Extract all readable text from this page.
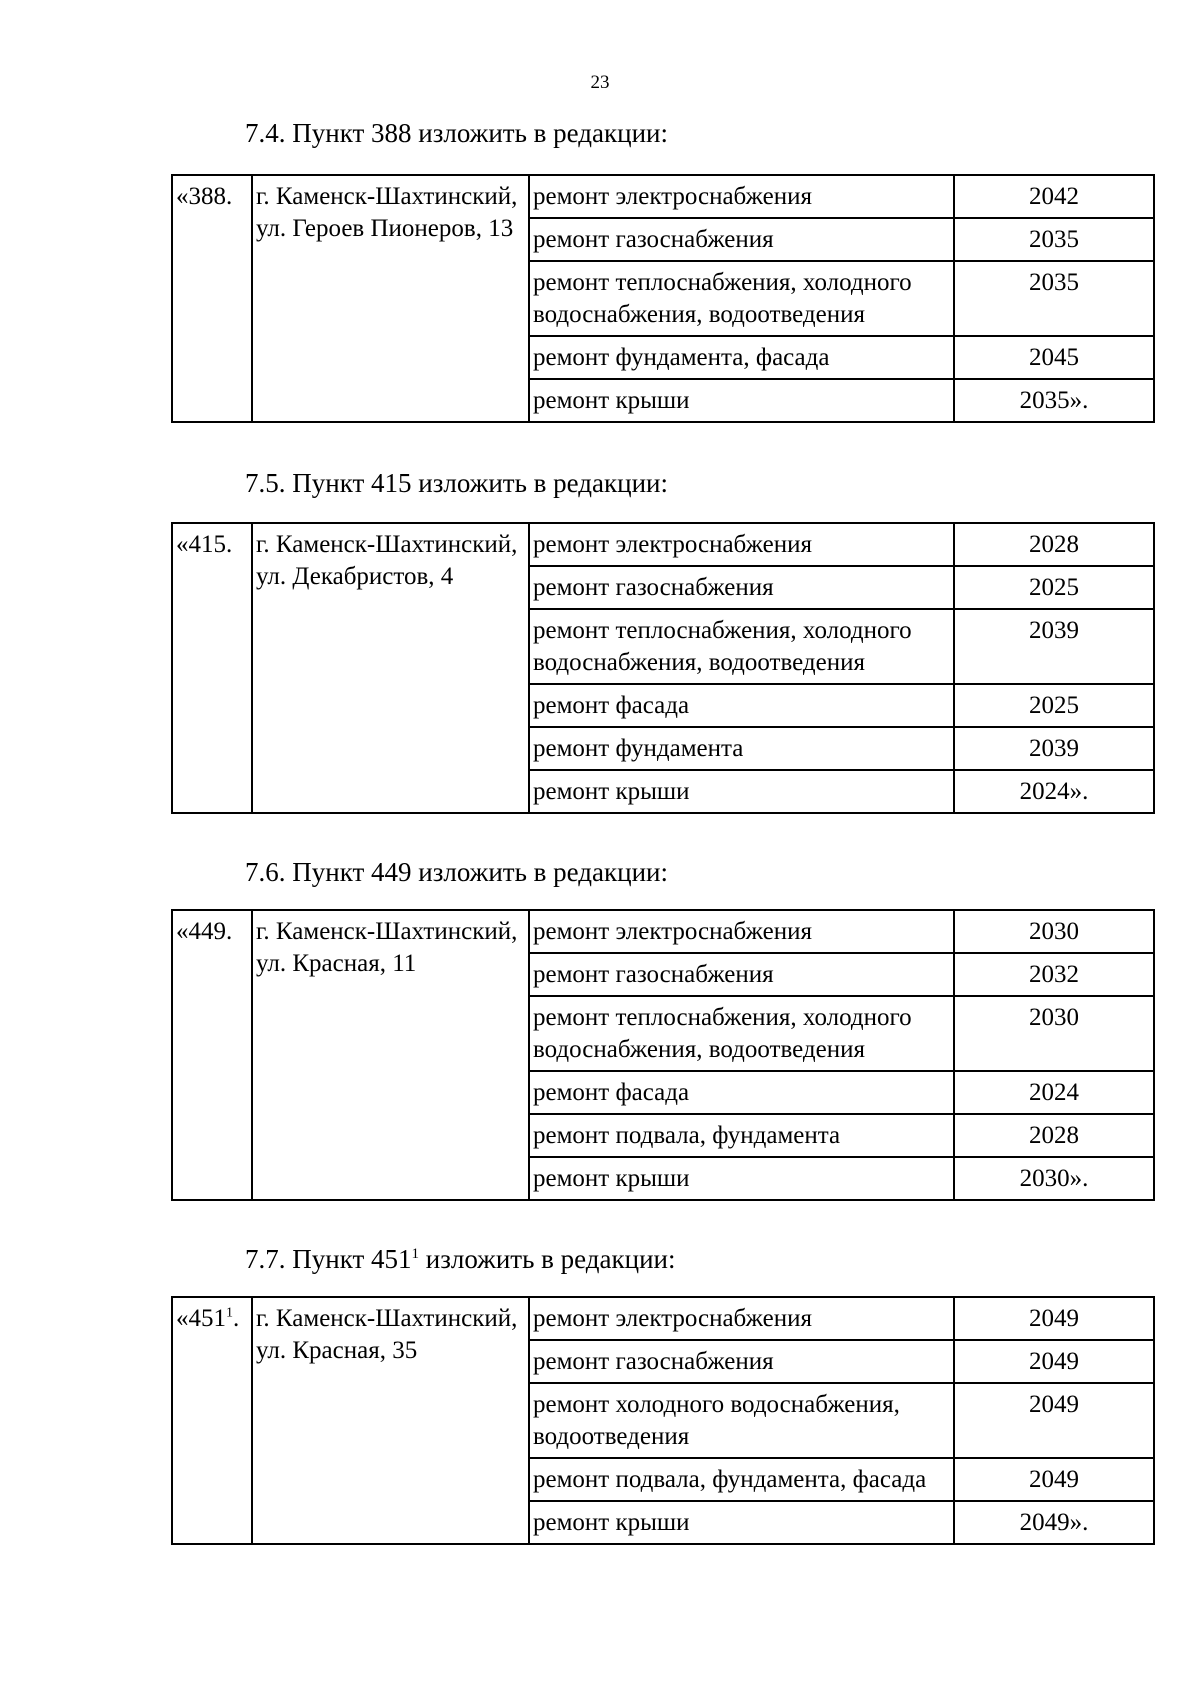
23
7.4. Пункт 388 изложить в редакции:
«388.	г. Каменск-Шахтинский, ул. Героев Пионеров, 13	ремонт электроснабжения	2042
		ремонт газоснабжения	2035
		ремонт теплоснабжения, холодного водоснабжения, водоотведения	2035
		ремонт фундамента, фасада	2045
		ремонт крыши	2035».
7.5. Пункт 415 изложить в редакции:
«415.	г. Каменск-Шахтинский, ул. Декабристов, 4	ремонт электроснабжения	2028
		ремонт газоснабжения	2025
		ремонт теплоснабжения, холодного водоснабжения, водоотведения	2039
		ремонт фасада	2025
		ремонт фундамента	2039
		ремонт крыши	2024».
7.6. Пункт 449 изложить в редакции:
«449.	г. Каменск-Шахтинский, ул. Красная, 11	ремонт электроснабжения	2030
		ремонт газоснабжения	2032
		ремонт теплоснабжения, холодного водоснабжения, водоотведения	2030
		ремонт фасада	2024
		ремонт подвала, фундамента	2028
		ремонт крыши	2030».
7.7. Пункт $451^1$ изложить в редакции:
«$451^1$.	г. Каменск-Шахтинский, ул. Красная, 35	ремонт электроснабжения	2049
		ремонт газоснабжения	2049
		ремонт холодного водоснабжения, водоотведения	2049
		ремонт подвала, фундамента, фасада	2049
		ремонт крыши	2049».
